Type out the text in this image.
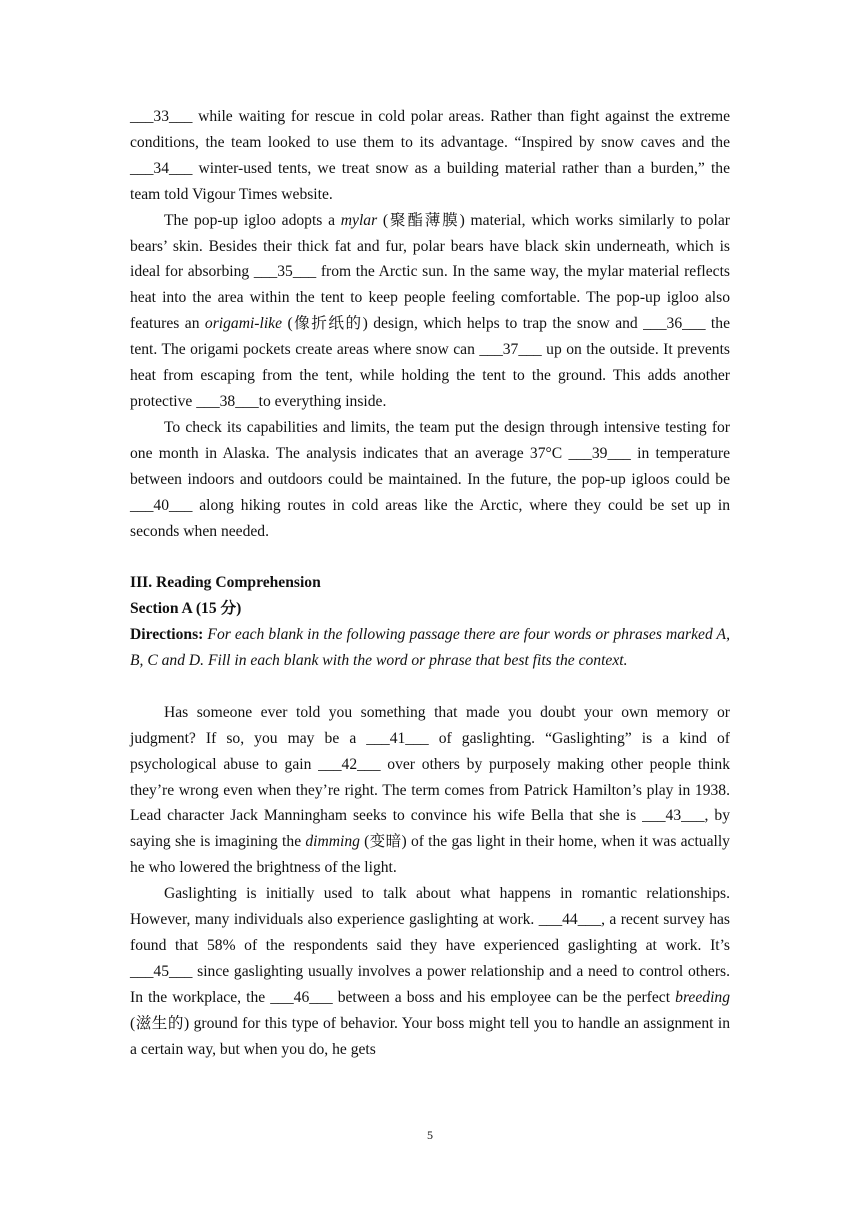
___33___ while waiting for rescue in cold polar areas. Rather than fight against the extreme conditions, the team looked to use them to its advantage. “Inspired by snow caves and the ___34___ winter-used tents, we treat snow as a building material rather than a burden,” the team told Vigour Times website.

The pop-up igloo adopts a mylar (聚酯薄膜) material, which works similarly to polar bears’ skin. Besides their thick fat and fur, polar bears have black skin underneath, which is ideal for absorbing ___35___ from the Arctic sun. In the same way, the mylar material reflects heat into the area within the tent to keep people feeling comfortable. The pop-up igloo also features an origami-like (像折纸的) design, which helps to trap the snow and ___36___ the tent. The origami pockets create areas where snow can ___37___ up on the outside. It prevents heat from escaping from the tent, while holding the tent to the ground. This adds another protective ___38___to everything inside.

To check its capabilities and limits, the team put the design through intensive testing for one month in Alaska. The analysis indicates that an average 37°C ___39___ in temperature between indoors and outdoors could be maintained. In the future, the pop-up igloos could be ___40___ along hiking routes in cold areas like the Arctic, where they could be set up in seconds when needed.

III. Reading Comprehension

Section A (15 分)

Directions: For each blank in the following passage there are four words or phrases marked A, B, C and D. Fill in each blank with the word or phrase that best fits the context.

Has someone ever told you something that made you doubt your own memory or judgment? If so, you may be a ___41___ of gaslighting. “Gaslighting” is a kind of psychological abuse to gain ___42___ over others by purposely making other people think they’re wrong even when they’re right. The term comes from Patrick Hamilton’s play in 1938. Lead character Jack Manningham seeks to convince his wife Bella that she is ___43___, by saying she is imagining the dimming (变暗) of the gas light in their home, when it was actually he who lowered the brightness of the light.

Gaslighting is initially used to talk about what happens in romantic relationships. However, many individuals also experience gaslighting at work. ___44___, a recent survey has found that 58% of the respondents said they have experienced gaslighting at work. It’s ___45___ since gaslighting usually involves a power relationship and a need to control others. In the workplace, the ___46___ between a boss and his employee can be the perfect breeding (滋生的) ground for this type of behavior. Your boss might tell you to handle an assignment in a certain way, but when you do, he gets

5
